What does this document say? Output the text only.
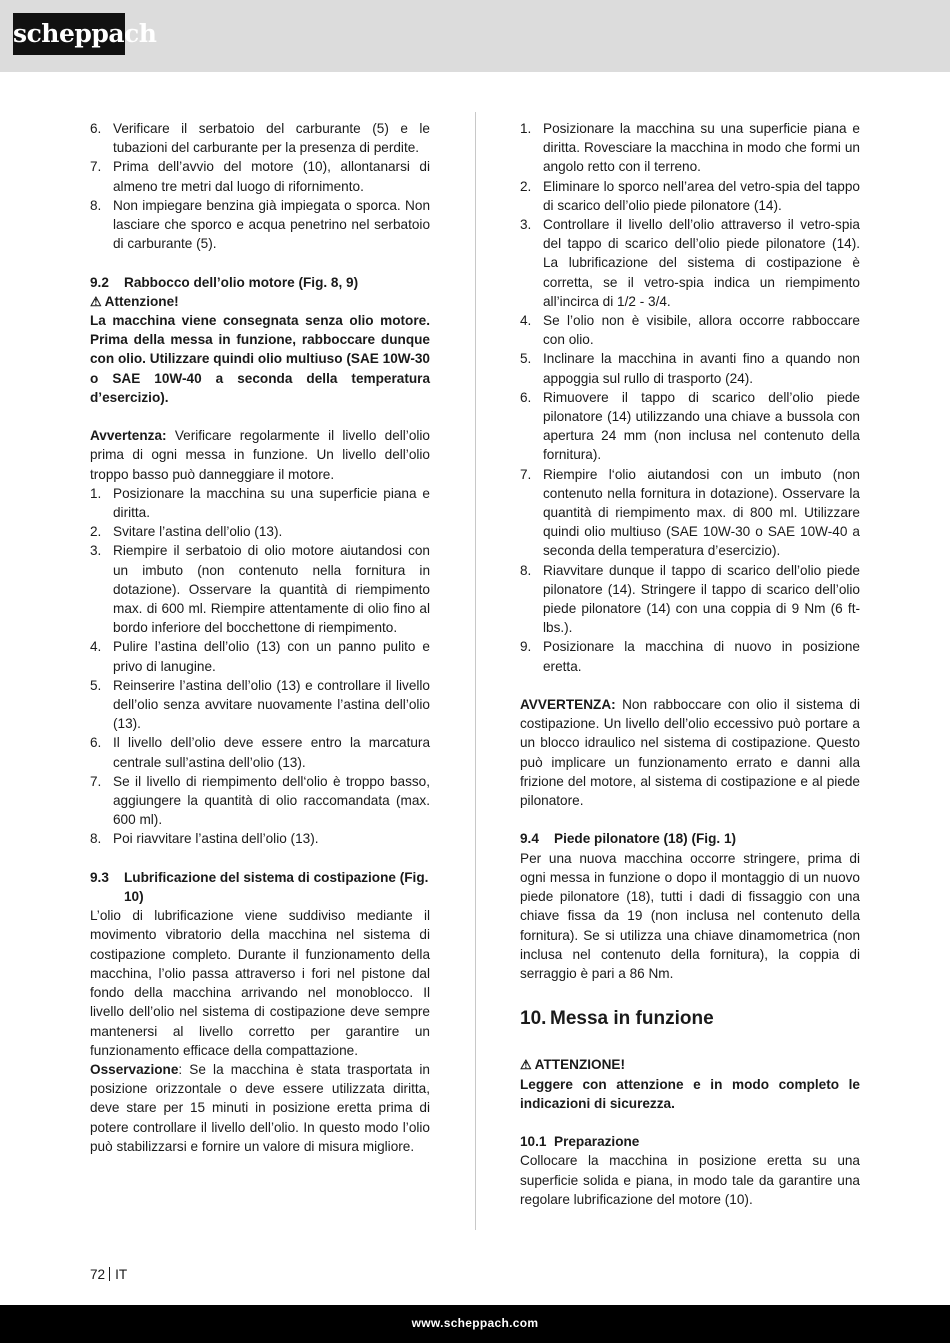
scheppach
6. Verificare il serbatoio del carburante (5) e le tubazioni del carburante per la presenza di perdite.
7. Prima dell’avvio del motore (10), allontanarsi di almeno tre metri dal luogo di rifornimento.
8. Non impiegare benzina già impiegata o sporca. Non lasciare che sporco e acqua penetrino nel serbatoio di carburante (5).
9.2 Rabbocco dell’olio motore (Fig. 8, 9)

⚠ Attenzione!

La macchina viene consegnata senza olio motore. Prima della messa in funzione, rabboccare dunque con olio. Utilizzare quindi olio multiuso (SAE 10W-30 o SAE 10W-40 a seconda della temperatura d’esercizio).

Avvertenza: Verificare regolarmente il livello dell’olio prima di ogni messa in funzione. Un livello dell’olio troppo basso può danneggiare il motore.

1. Posizionare la macchina su una superficie piana e diritta.
2. Svitare l’astina dell’olio (13).
3. Riempire il serbatoio di olio motore aiutandosi con un imbuto (non contenuto nella fornitura in dotazione). Osservare la quantità di riempimento max. di 600 ml. Riempire attentamente di olio fino al bordo inferiore del bocchettone di riempimento.
4. Pulire l’astina dell’olio (13) con un panno pulito e privo di lanugine.
5. Reinserire l’astina dell’olio (13) e controllare il livello dell’olio senza avvitare nuovamente l’astina dell’olio (13).
6. Il livello dell’olio deve essere entro la marcatura centrale sull’astina dell’olio (13).
7. Se il livello di riempimento dell‘olio è troppo basso, aggiungere la quantità di olio raccomandata (max. 600 ml).
8. Poi riavvitare l’astina dell’olio (13).
9.3	Lubrificazione del sistema di costipazione (Fig. 10)

L’olio di lubrificazione viene suddiviso mediante il movimento vibratorio della macchina nel sistema di costipazione completo. Durante il funzionamento della macchina, l’olio passa attraverso i fori nel pistone dal fondo della macchina arrivando nel monoblocco. Il livello dell’olio nel sistema di costipazione deve sempre mantenersi al livello corretto per garantire un funzionamento efficace della compattazione.

Osservazione: Se la macchina è stata trasportata in posizione orizzontale o deve essere utilizzata diritta, deve stare per 15 minuti in posizione eretta prima di potere controllare il livello dell’olio. In questo modo l’olio può stabilizzarsi e fornire un valore di misura migliore.

1. Posizionare la macchina su una superficie piana e diritta. Rovesciare la macchina in modo che formi un angolo retto con il terreno.
2. Eliminare lo sporco nell’area del vetro-spia del tappo di scarico dell’olio piede pilonatore (14).
3. Controllare il livello dell’olio attraverso il vetro-spia del tappo di scarico dell’olio piede pilonatore (14). La lubrificazione del sistema di costipazione è corretta, se il vetro-spia indica un riempimento all’incirca di 1/2 - 3/4.
4. Se l’olio non è visibile, allora occorre rabboccare con olio.
5. Inclinare la macchina in avanti fino a quando non appoggia sul rullo di trasporto (24).
6. Rimuovere il tappo di scarico dell’olio piede pilonatore (14) utilizzando una chiave a bussola con apertura 24 mm (non inclusa nel contenuto della fornitura).
7. Riempire l‘olio aiutandosi con un imbuto (non contenuto nella fornitura in dotazione). Osservare la quantità di riempimento max. di 800 ml. Utilizzare quindi olio multiuso (SAE 10W-30 o SAE 10W-40 a seconda della temperatura d’esercizio).
8. Riavvitare dunque il tappo di scarico dell’olio piede pilonatore (14). Stringere il tappo di scarico dell’olio piede pilonatore (14) con una coppia di 9 Nm (6 ft-lbs.).
9. Posizionare la macchina di nuovo in posizione eretta.

AVVERTENZA: Non rabboccare con olio il sistema di costipazione. Un livello dell’olio eccessivo può portare a un blocco idraulico nel sistema di costipazione. Questo può implicare un funzionamento errato e danni alla frizione del motore, al sistema di costipazione e al piede pilonatore.

9.4 Piede pilonatore (18) (Fig. 1)

Per una nuova macchina occorre stringere, prima di ogni messa in funzione o dopo il montaggio di un nuovo piede pilonatore (18), tutti i dadi di fissaggio con una chiave fissa da 19 (non inclusa nel contenuto della fornitura). Se si utilizza una chiave dinamometrica (non inclusa nel contenuto della fornitura), la coppia di serraggio è pari a 86 Nm.

10. Messa in funzione

⚠ ATTENZIONE!

Leggere con attenzione e in modo completo le indicazioni di sicurezza.

10.1 Preparazione

Collocare la macchina in posizione eretta su una superficie solida e piana, in modo tale da garantire una regolare lubrificazione del motore (10).

72 IT
www.scheppach.com
